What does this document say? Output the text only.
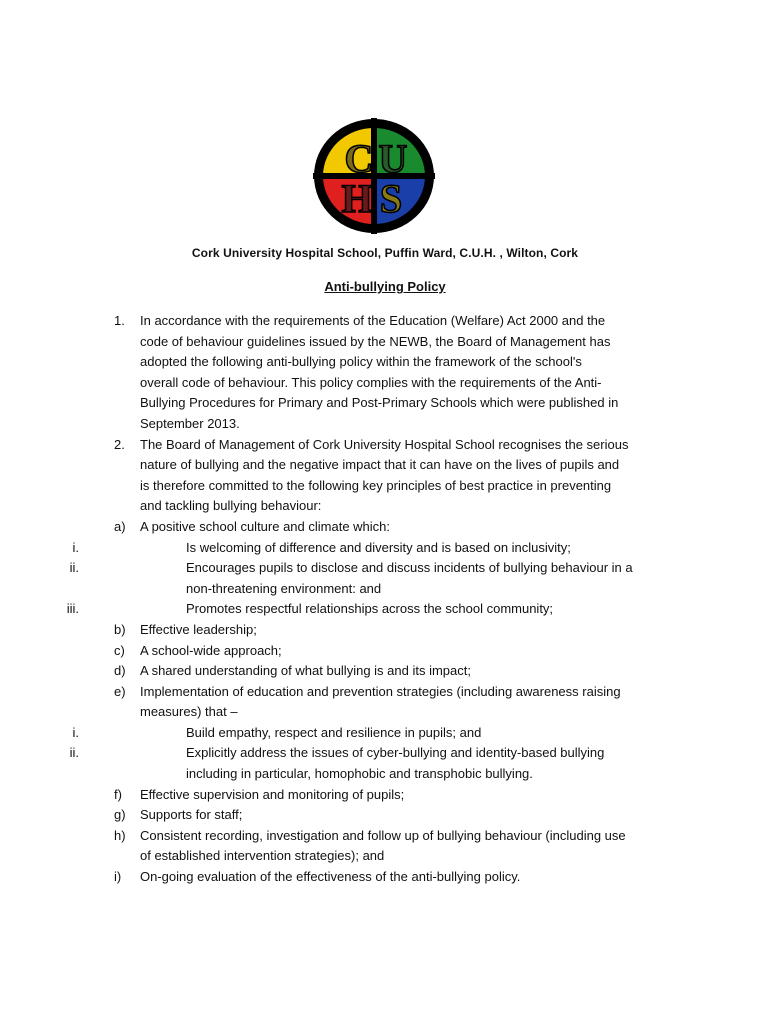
C U
H S
Cork University Hospital School, Puffin Ward, C.U.H. , Wilton, Cork
Anti-bullying Policy
1. In accordance with the requirements of the Education (Welfare) Act 2000 and the
code of behaviour guidelines issued by the NEWB, the Board of Management has
adopted the following anti-bullying policy within the framework of the school's
overall code of behaviour. This policy complies with the requirements of the Anti-
Bullying Procedures for Primary and Post-Primary Schools which were published in
September 2013.
2. The Board of Management of Cork University Hospital School recognises the serious
nature of bullying and the negative impact that it can have on the lives of pupils and
is therefore committed to the following key principles of best practice in preventing
and tackling bullying behaviour:
a) A positive school culture and climate which:
i.	Is welcoming of difference and diversity and is based on inclusivity;
ii.	Encourages pupils to disclose and discuss incidents of bullying behaviour in a
non-threatening environment: and
iii.	Promotes respectful relationships across the school community;
b) Effective leadership;
c) A school-wide approach;
d) A shared understanding of what bullying is and its impact;
e) Implementation of education and prevention strategies (including awareness raising
measures) that –
i.	Build empathy, respect and resilience in pupils; and
ii.	Explicitly address the issues of cyber-bullying and identity-based bullying
including in particular, homophobic and transphobic bullying.
f) Effective supervision and monitoring of pupils;
g) Supports for staff;
h) Consistent recording, investigation and follow up of bullying behaviour (including use
of established intervention strategies); and
i) On-going evaluation of the effectiveness of the anti-bullying policy.
